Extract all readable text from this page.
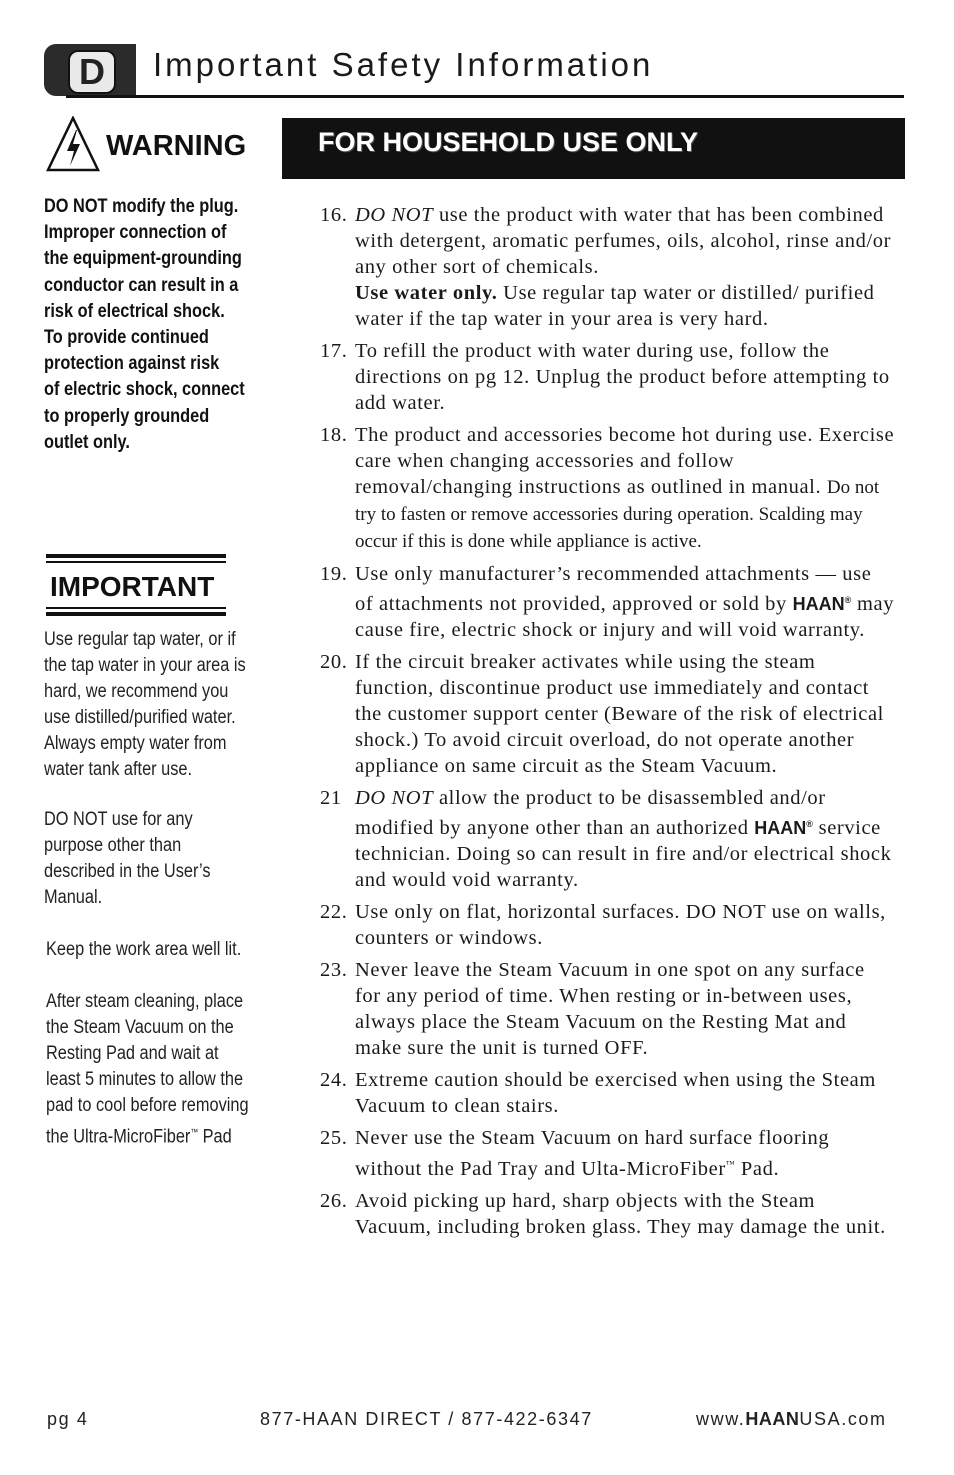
D	Important Safety Information
WARNING
DO NOT modify the plug.
Improper connection of
the equipment-grounding
conductor can result in a
risk of electrical shock.
To provide continued
protection against risk
of electric shock, connect
to properly grounded
outlet only.
IMPORTANT
Use regular tap water, or if
the tap water in your area is
hard, we recommend you
use distilled/purified water.
Always empty water from
water tank after use.
DO NOT use for any
purpose other than
described in the User’s
Manual.
Keep the work area well lit.
After steam cleaning, place
the Steam Vacuum on the
Resting Pad and wait at
least 5 minutes to allow the
pad to cool before removing
the Ultra-MicroFiber™ Pad
FOR HOUSEHOLD USE ONLY
16. DO NOT use the product with water that has been combined with detergent, aromatic perfumes, oils, alcohol, rinse and/or any other sort of chemicals.
Use water only. Use regular tap water or distilled/ purified water if the tap water in your area is very hard.
17. To refill the product with water during use, follow the directions on pg 12. Unplug the product before attempting to add water.
18. The product and accessories become hot during use. Exercise care when changing accessories and follow removal/changing instructions as outlined in manual. Do not try to fasten or remove accessories during operation. Scalding may occur if this is done while appliance is active.
19. Use only manufacturer’s recommended attachments — use of attachments not provided, approved or sold by HAAN® may cause fire, electric shock or injury and will void warranty.
20. If the circuit breaker activates while using the steam function, discontinue product use immediately and contact the customer support center (Beware of the risk of electrical shock.) To avoid circuit overload, do not operate another appliance on same circuit as the Steam Vacuum.
21 DO NOT allow the product to be disassembled and/or modified by anyone other than an authorized HAAN® service technician. Doing so can result in fire and/or electrical shock and would void warranty.
22. Use only on flat, horizontal surfaces. DO NOT use on walls, counters or windows.
23. Never leave the Steam Vacuum in one spot on any surface for any period of time. When resting or in-between uses, always place the Steam Vacuum on the Resting Mat and make sure the unit is turned OFF.
24. Extreme caution should be exercised when using the Steam Vacuum to clean stairs.
25. Never use the Steam Vacuum on hard surface flooring without the Pad Tray and Ulta-MicroFiber™ Pad.
26. Avoid picking up hard, sharp objects with the Steam Vacuum, including broken glass. They may damage the unit.
pg 4	877-HAAN DIRECT / 877-422-6347	www.HAANUSA.com
